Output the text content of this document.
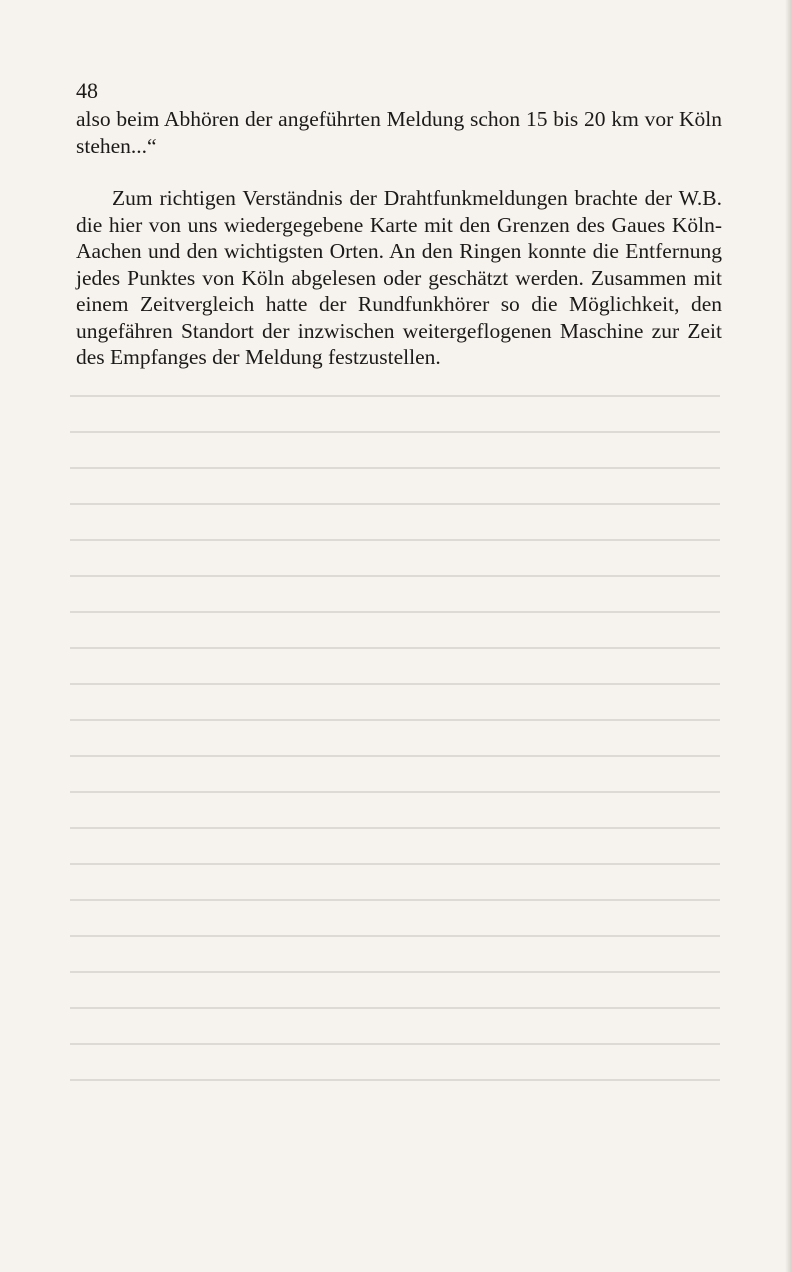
48

also beim Abhören der angeführten Meldung schon 15 bis 20 km vor Köln stehen...“

Zum richtigen Verständnis der Drahtfunkmeldungen brachte der W.B. die hier von uns wiedergegebene Karte mit den Grenzen des Gaues Köln-Aachen und den wichtigsten Orten. An den Ringen konnte die Entfernung jedes Punktes von Köln abgelesen oder geschätzt werden. Zusammen mit einem Zeitvergleich hatte der Rundfunkhörer so die Möglichkeit, den ungefähren Standort der inzwischen weitergeflogenen Maschine zur Zeit des Empfanges der Meldung festzustellen.
